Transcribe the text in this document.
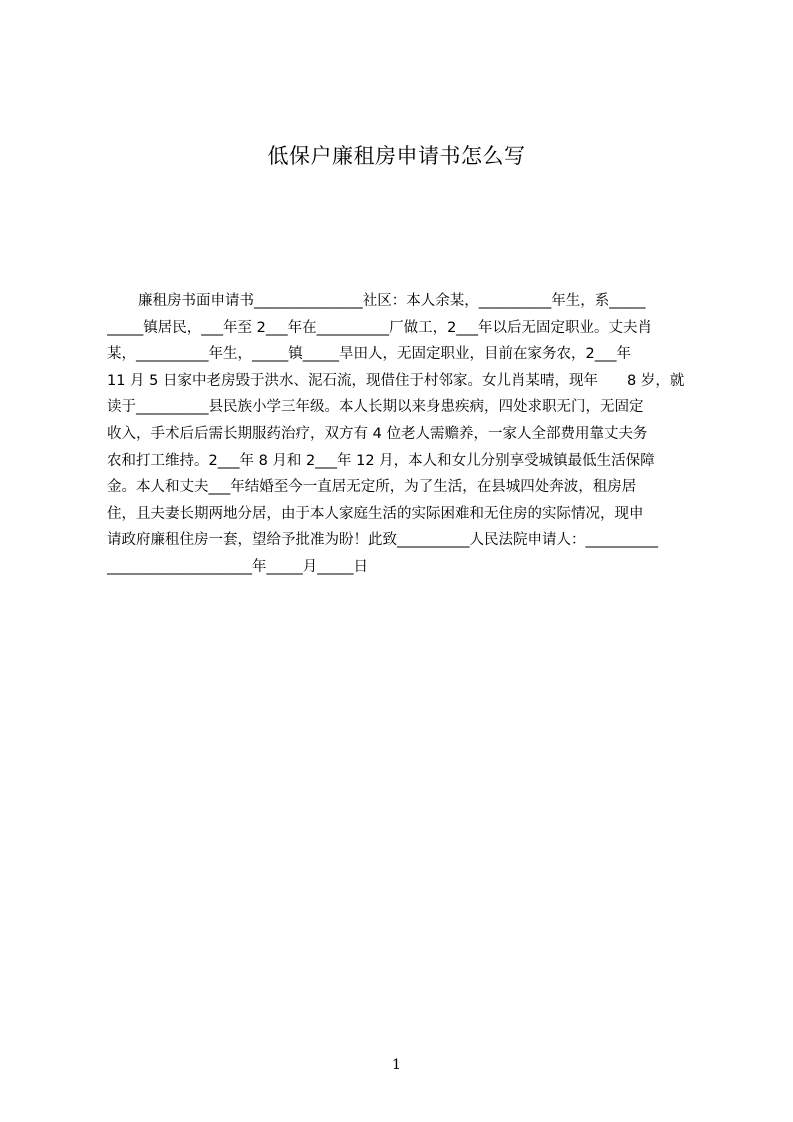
低保户廉租房申请书怎么写
廉租房书面申请书_______________社区：本人余某，__________年生，系_____
_____镇居民，___年至 2___年在__________厂做工，2___年以后无固定职业。丈夫肖
某，__________年生，_____镇_____旱田人，无固定职业，目前在家务农，2___年
11 月 5 日家中老房毁于洪水、泥石流，现借住于村邻家。女儿肖某晴，现年　　8 岁，就
读于__________县民族小学三年级。本人长期以来身患疾病，四处求职无门，无固定
收入，手术后后需长期服药治疗，双方有 4 位老人需赡养，一家人全部费用靠丈夫务
农和打工维持。2___年 8 月和 2___年 12 月，本人和女儿分别享受城镇最低生活保障
金。本人和丈夫___年结婚至今一直居无定所，为了生活，在县城四处奔波，租房居
住，且夫妻长期两地分居，由于本人家庭生活的实际困难和无住房的实际情况，现申
请政府廉租住房一套，望给予批准为盼！此致__________人民法院申请人：__________
____________________年_____月_____日
1
